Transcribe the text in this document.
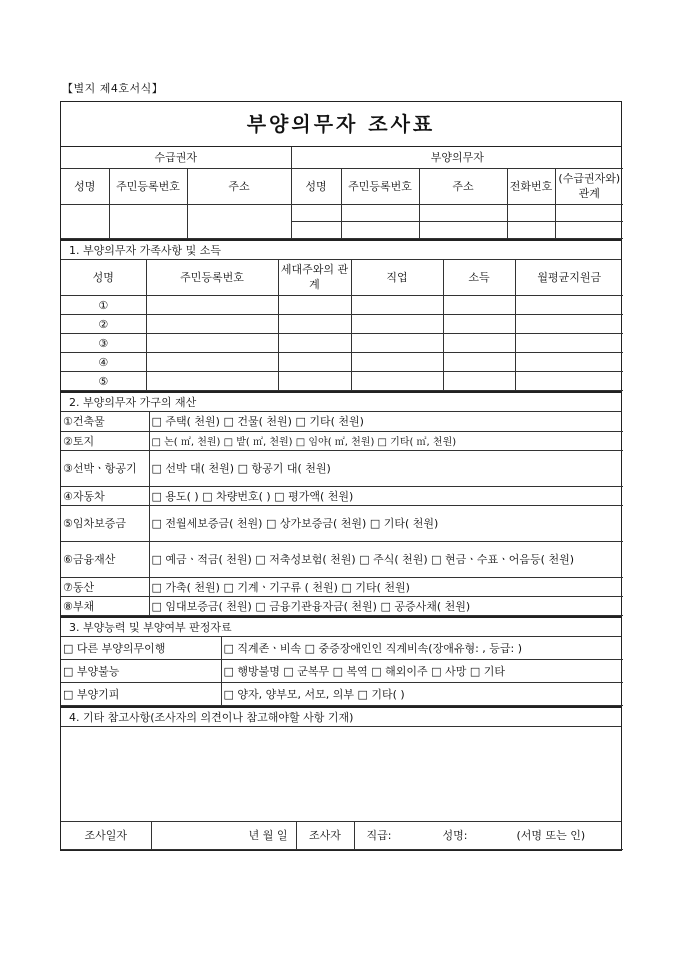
【별지 제4호서식】
부양의무자 조사표
수급권자			부양의무자				
성명	주민등록번호	주소	성명	주민등록번호	주소	전화번호	(수급권자와) 관계

1. 부양의무자 가족사항 및 소득
성명	주민등록번호	세대주와의 관계	직업	소득	월평균지원금
①					
②					
③					
④					
⑤					
2. 부양의무자 가구의 재산
①건축물	□ 주택( 천원) □ 건물( 천원) □ 기타( 천원)
②토지	□ 논( ㎡, 천원) □ 밭( ㎡, 천원) □ 임야( ㎡, 천원) □ 기타( ㎡, 천원)
③선박ㆍ항공기	□ 선박 대( 천원) □ 항공기 대( 천원)
④자동차	□ 용도( ) □ 차량번호( ) □ 평가액( 천원)
⑤임차보증금	□ 전월세보증금( 천원) □ 상가보증금( 천원) □ 기타( 천원)
⑥금융재산	□ 예금ㆍ적금( 천원) □ 저축성보험( 천원) □ 주식( 천원) □ 현금ㆍ수표ㆍ어음등( 천원)
⑦동산	□ 가축( 천원) □ 기계ㆍ기구류 ( 천원) □ 기타( 천원)
⑧부채	□ 임대보증금( 천원) □ 금융기관융자금( 천원) □ 공증사채( 천원)
3. 부양능력 및 부양여부 판정자료
□ 다른 부양의무이행	□ 직계존ㆍ비속 □ 중증장애인인 직계비속(장애유형: , 등급: )
□ 부양불능	□ 행방불명 □ 군복무 □ 복역 □ 해외이주 □ 사망 □ 기타
□ 부양기피	□ 양자, 양부모, 서모, 의부 □ 기타( )
4. 기타 참고사항(조사자의 의견이나 참고해야할 사항 기재)
조사일자	년 월 일	조사자	직급:	성명:	(서명 또는 인)
